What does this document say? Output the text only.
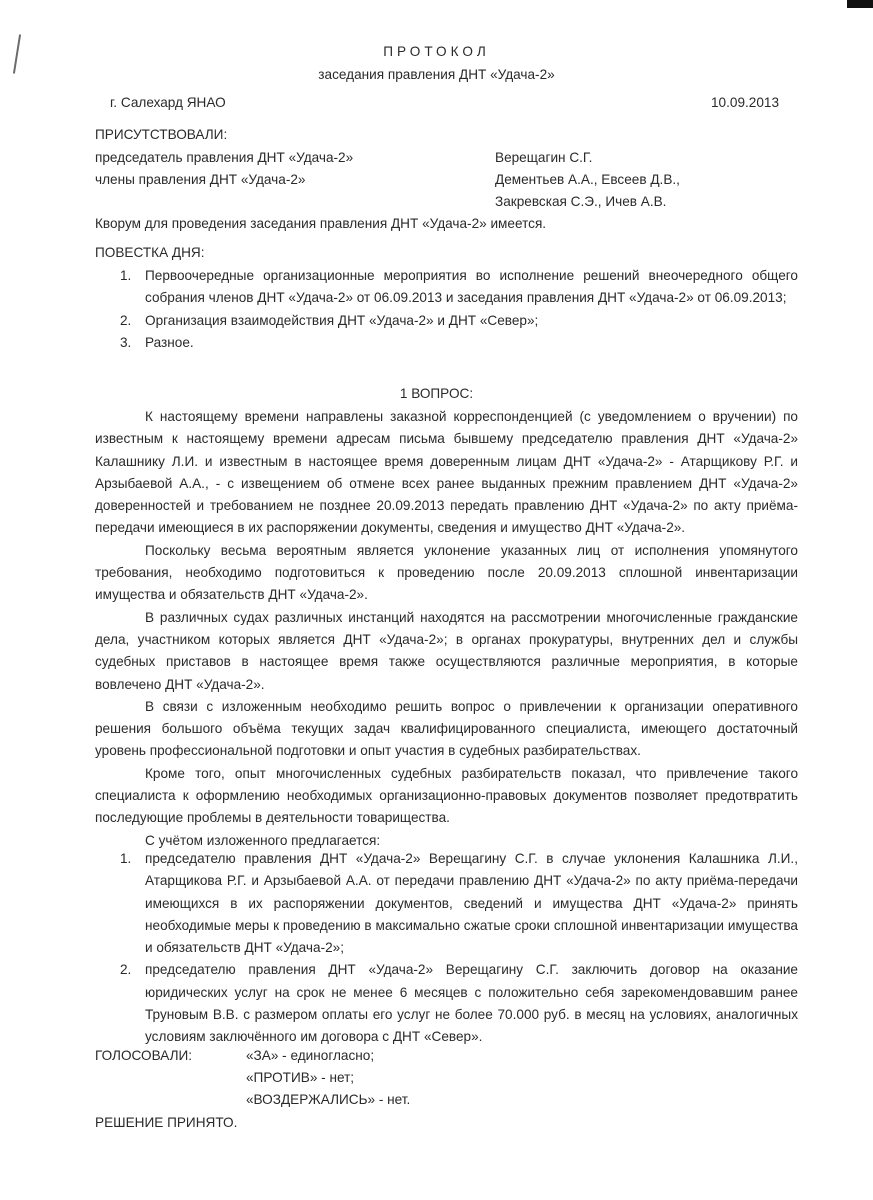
ПРОТОКОЛ
заседания правления ДНТ «Удача-2»
г. Салехард ЯНАО	10.09.2013
ПРИСУТСТВОВАЛИ:
председатель правления ДНТ «Удача-2»	Верещагин С.Г.
члены правления ДНТ «Удача-2»	Дементьев А.А., Евсеев Д.В.,
Закревская С.Э., Ичев А.В.
Кворум для проведения заседания правления ДНТ «Удача-2» имеется.
ПОВЕСТКА ДНЯ:
1. Первоочередные организационные мероприятия во исполнение решений внеочередного общего собрания членов ДНТ «Удача-2» от 06.09.2013 и заседания правления ДНТ «Удача-2» от 06.09.2013;
2. Организация взаимодействия ДНТ «Удача-2» и ДНТ «Север»;
3. Разное.
1 ВОПРОС:

К настоящему времени направлены заказной корреспонденцией (с уведомлением о вручении) по известным к настоящему времени адресам письма бывшему председателю правления ДНТ «Удача-2» Калашнику Л.И. и известным в настоящее время доверенным лицам ДНТ «Удача-2» - Атарщикову Р.Г. и Арзыбаевой А.А., - с извещением об отмене всех ранее выданных прежним правлением ДНТ «Удача-2» доверенностей и требованием не позднее 20.09.2013 передать правлению ДНТ «Удача-2» по акту приёма-передачи имеющиеся в их распоряжении документы, сведения и имущество ДНТ «Удача-2».

Поскольку весьма вероятным является уклонение указанных лиц от исполнения упомянутого требования, необходимо подготовиться к проведению после 20.09.2013 сплошной инвентаризации имущества и обязательств ДНТ «Удача-2».

В различных судах различных инстанций находятся на рассмотрении многочисленные гражданские дела, участником которых является ДНТ «Удача-2»; в органах прокуратуры, внутренних дел и службы судебных приставов в настоящее время также осуществляются различные мероприятия, в которые вовлечено ДНТ «Удача-2».

В связи с изложенным необходимо решить вопрос о привлечении к организации оперативного решения большого объёма текущих задач квалифицированного специалиста, имеющего достаточный уровень профессиональной подготовки и опыт участия в судебных разбирательствах.

Кроме того, опыт многочисленных судебных разбирательств показал, что привлечение такого специалиста к оформлению необходимых организационно-правовых документов позволяет предотвратить последующие проблемы в деятельности товарищества.

С учётом изложенного предлагается:

1. председателю правления ДНТ «Удача-2» Верещагину С.Г. в случае уклонения Калашника Л.И., Атарщикова Р.Г. и Арзыбаевой А.А. от передачи правлению ДНТ «Удача-2» по акту приёма-передачи имеющихся в их распоряжении документов, сведений и имущества ДНТ «Удача-2» принять необходимые меры к проведению в максимально сжатые сроки сплошной инвентаризации имущества и обязательств ДНТ «Удача-2»;
2. председателю правления ДНТ «Удача-2» Верещагину С.Г. заключить договор на оказание юридических услуг на срок не менее 6 месяцев с положительно себя зарекомендовавшим ранее Труновым В.В. с размером оплаты его услуг не более 70.000 руб. в месяц на условиях, аналогичных условиям заключённого им договора с ДНТ «Север».
ГОЛОСОВАЛИ:	«ЗА» - единогласно;
«ПРОТИВ» - нет;
«ВОЗДЕРЖАЛИСЬ» - нет.
РЕШЕНИЕ ПРИНЯТО.
